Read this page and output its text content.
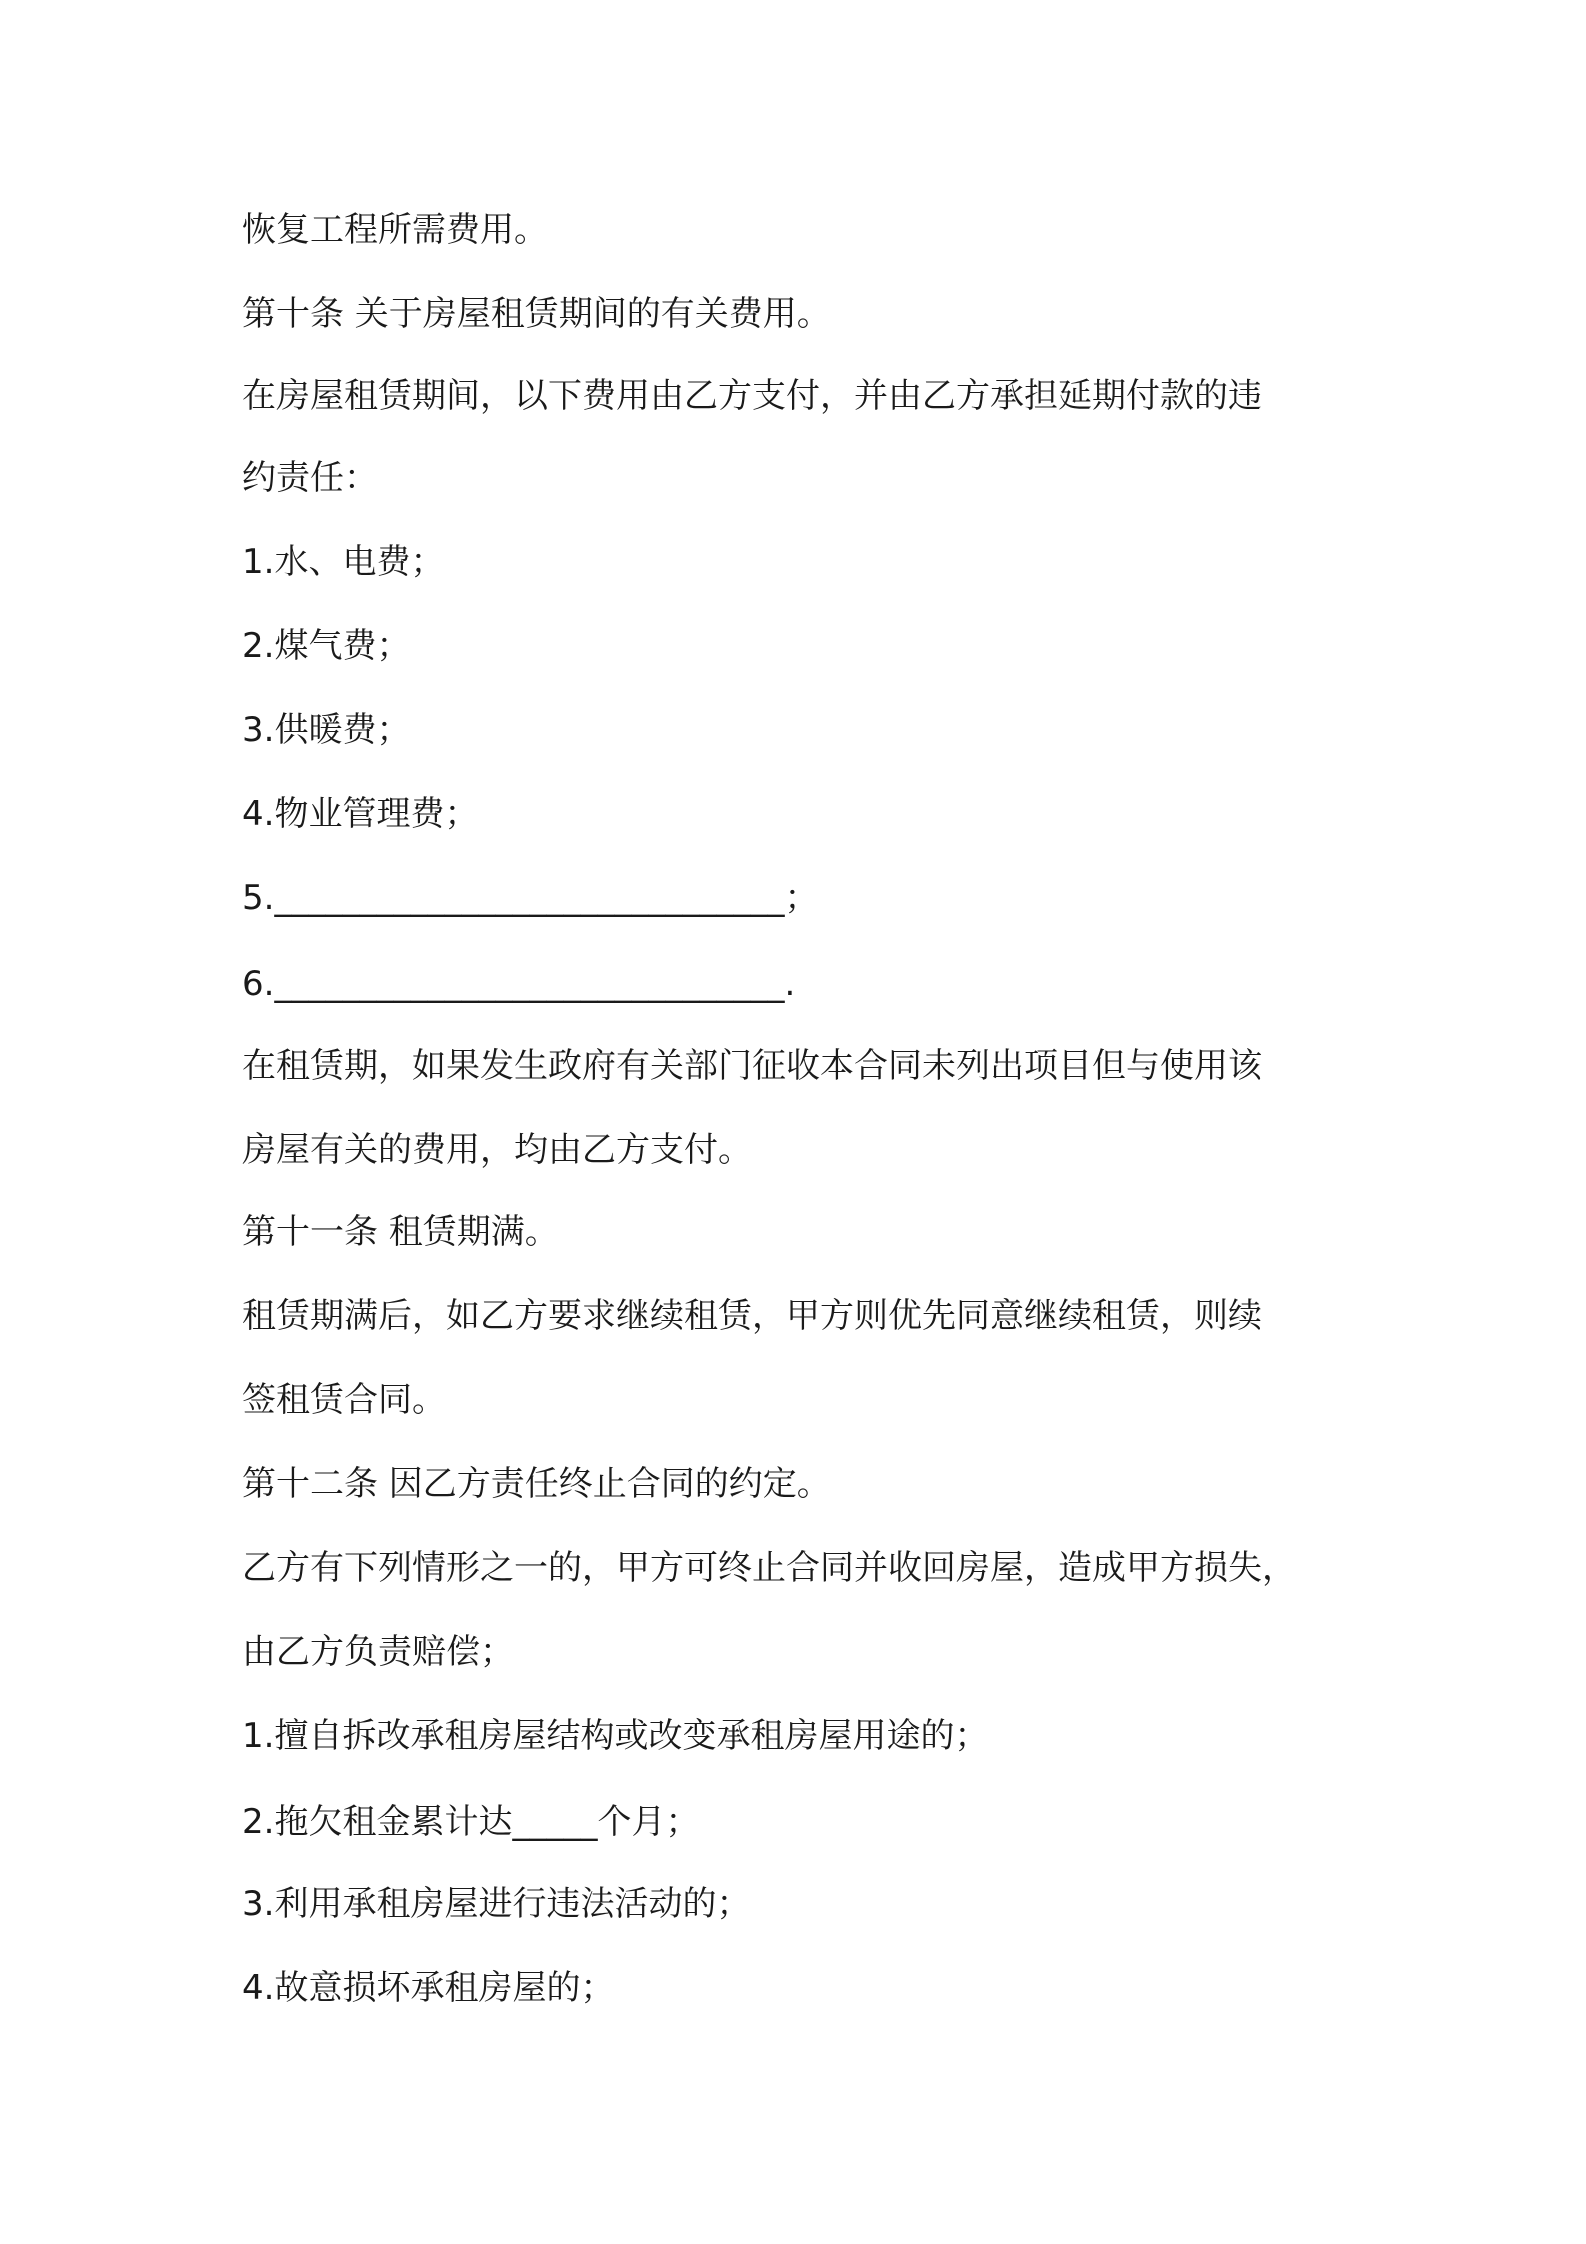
恢复工程所需费用。
第十条 关于房屋租赁期间的有关费用。
在房屋租赁期间，以下费用由乙方支付，并由乙方承担延期付款的违
约责任：
1.水、电费；
2.煤气费；
3.供暖费；
4.物业管理费；
5.______________________________；
6.______________________________.
在租赁期，如果发生政府有关部门征收本合同未列出项目但与使用该
房屋有关的费用，均由乙方支付。
第十一条 租赁期满。
租赁期满后，如乙方要求继续租赁，甲方则优先同意继续租赁，则续
签租赁合同。
第十二条 因乙方责任终止合同的约定。
乙方有下列情形之一的，甲方可终止合同并收回房屋，造成甲方损失，
由乙方负责赔偿；
1.擅自拆改承租房屋结构或改变承租房屋用途的；
2.拖欠租金累计达_____个月；
3.利用承租房屋进行违法活动的；
4.故意损坏承租房屋的；
